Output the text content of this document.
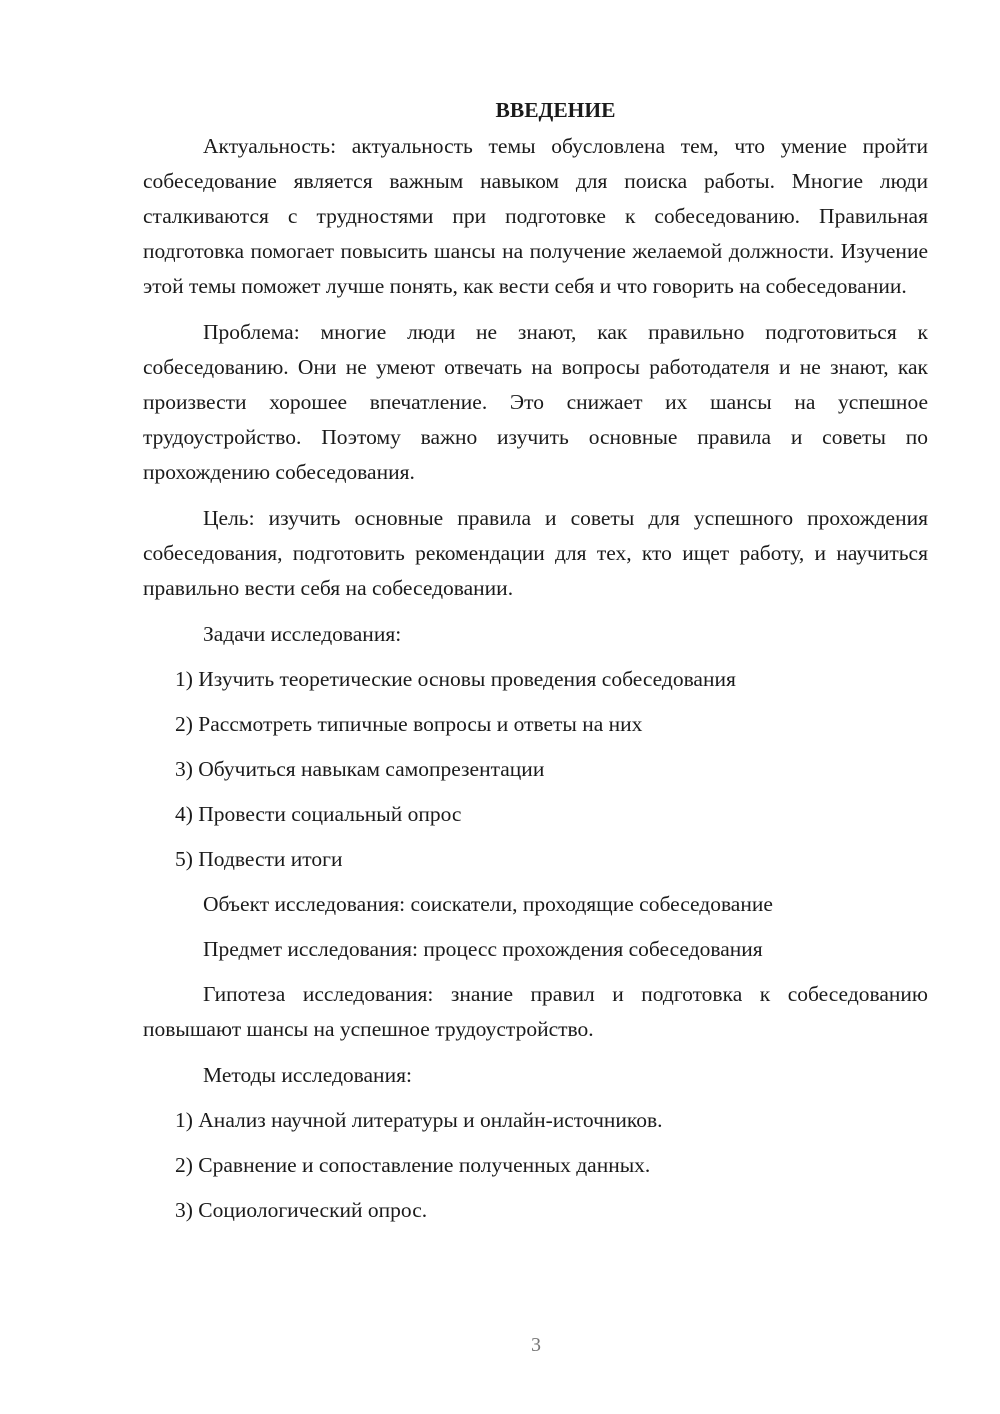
ВВЕДЕНИЕ

Актуальность: актуальность темы обусловлена тем, что умение пройти собеседование является важным навыком для поиска работы. Многие люди сталкиваются с трудностями при подготовке к собеседованию. Правильная подготовка помогает повысить шансы на получение желаемой должности. Изучение этой темы поможет лучше понять, как вести себя и что говорить на собеседовании.

Проблема: многие люди не знают, как правильно подготовиться к собеседованию. Они не умеют отвечать на вопросы работодателя и не знают, как произвести хорошее впечатление. Это снижает их шансы на успешное трудоустройство. Поэтому важно изучить основные правила и советы по прохождению собеседования.

Цель: изучить основные правила и советы для успешного прохождения собеседования, подготовить рекомендации для тех, кто ищет работу, и научиться правильно вести себя на собеседовании.

Задачи исследования:
1) Изучить теоретические основы проведения собеседования
2) Рассмотреть типичные вопросы и ответы на них
3) Обучиться навыкам самопрезентации
4) Провести социальный опрос
5) Подвести итоги
Объект исследования: соискатели, проходящие собеседование
Предмет исследования: процесс прохождения собеседования

Гипотеза исследования: знание правил и подготовка к собеседованию повышают шансы на успешное трудоустройство.

Методы исследования:
1) Анализ научной литературы и онлайн-источников.
2) Сравнение и сопоставление полученных данных.
3) Социологический опрос.
3
